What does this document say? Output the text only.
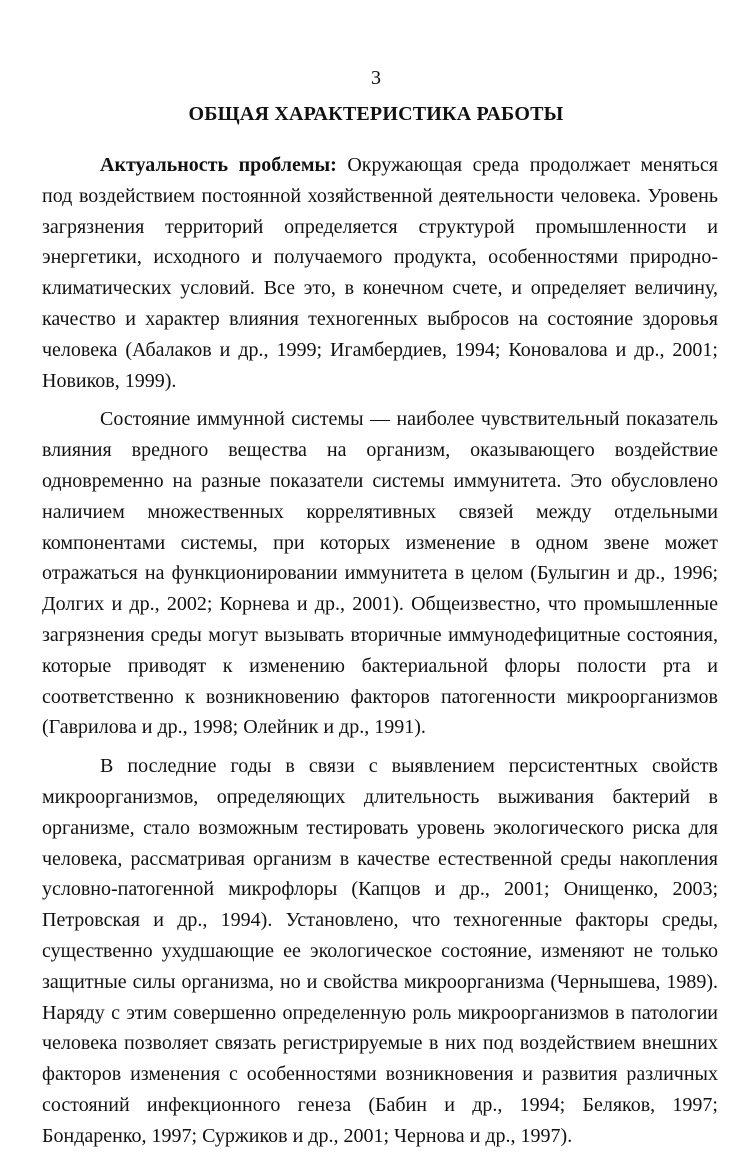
3
ОБЩАЯ ХАРАКТЕРИСТИКА РАБОТЫ

Актуальность проблемы: Окружающая среда продолжает меняться под воздействием постоянной хозяйственной деятельности человека. Уровень загрязнения территорий определяется структурой промышленности и энергетики, исходного и получаемого продукта, особенностями природно-климатических условий. Все это, в конечном счете, и определяет величину, качество и характер влияния техногенных выбросов на состояние здоровья человека (Абалаков и др., 1999; Игамбердиев, 1994; Коновалова и др., 2001; Новиков, 1999).

Состояние иммунной системы — наиболее чувствительный показатель влияния вредного вещества на организм, оказывающего воздействие одновременно на разные показатели системы иммунитета. Это обусловлено наличием множественных коррелятивных связей между отдельными компонентами системы, при которых изменение в одном звене может отражаться на функционировании иммунитета в целом (Булыгин и др., 1996; Долгих и др., 2002; Корнева и др., 2001). Общеизвестно, что промышленные загрязнения среды могут вызывать вторичные иммунодефицитные состояния, которые приводят к изменению бактериальной флоры полости рта и соответственно к возникновению факторов патогенности микроорганизмов (Гаврилова и др., 1998; Олейник и др., 1991).

В последние годы в связи с выявлением персистентных свойств микроорганизмов, определяющих длительность выживания бактерий в организме, стало возможным тестировать уровень экологического риска для человека, рассматривая организм в качестве естественной среды накопления условно-патогенной микрофлоры (Капцов и др., 2001; Онищенко, 2003; Петровская и др., 1994). Установлено, что техногенные факторы среды, существенно ухудшающие ее экологическое состояние, изменяют не только защитные силы организма, но и свойства микроорганизма (Чернышева, 1989). Наряду с этим совершенно определенную роль микроорганизмов в патологии человека позволяет связать регистрируемые в них под воздействием внешних факторов изменения с особенностями возникновения и развития различных состояний инфекционного генеза (Бабин и др., 1994; Беляков, 1997; Бондаренко, 1997; Суржиков и др., 2001; Чернова и др., 1997).
